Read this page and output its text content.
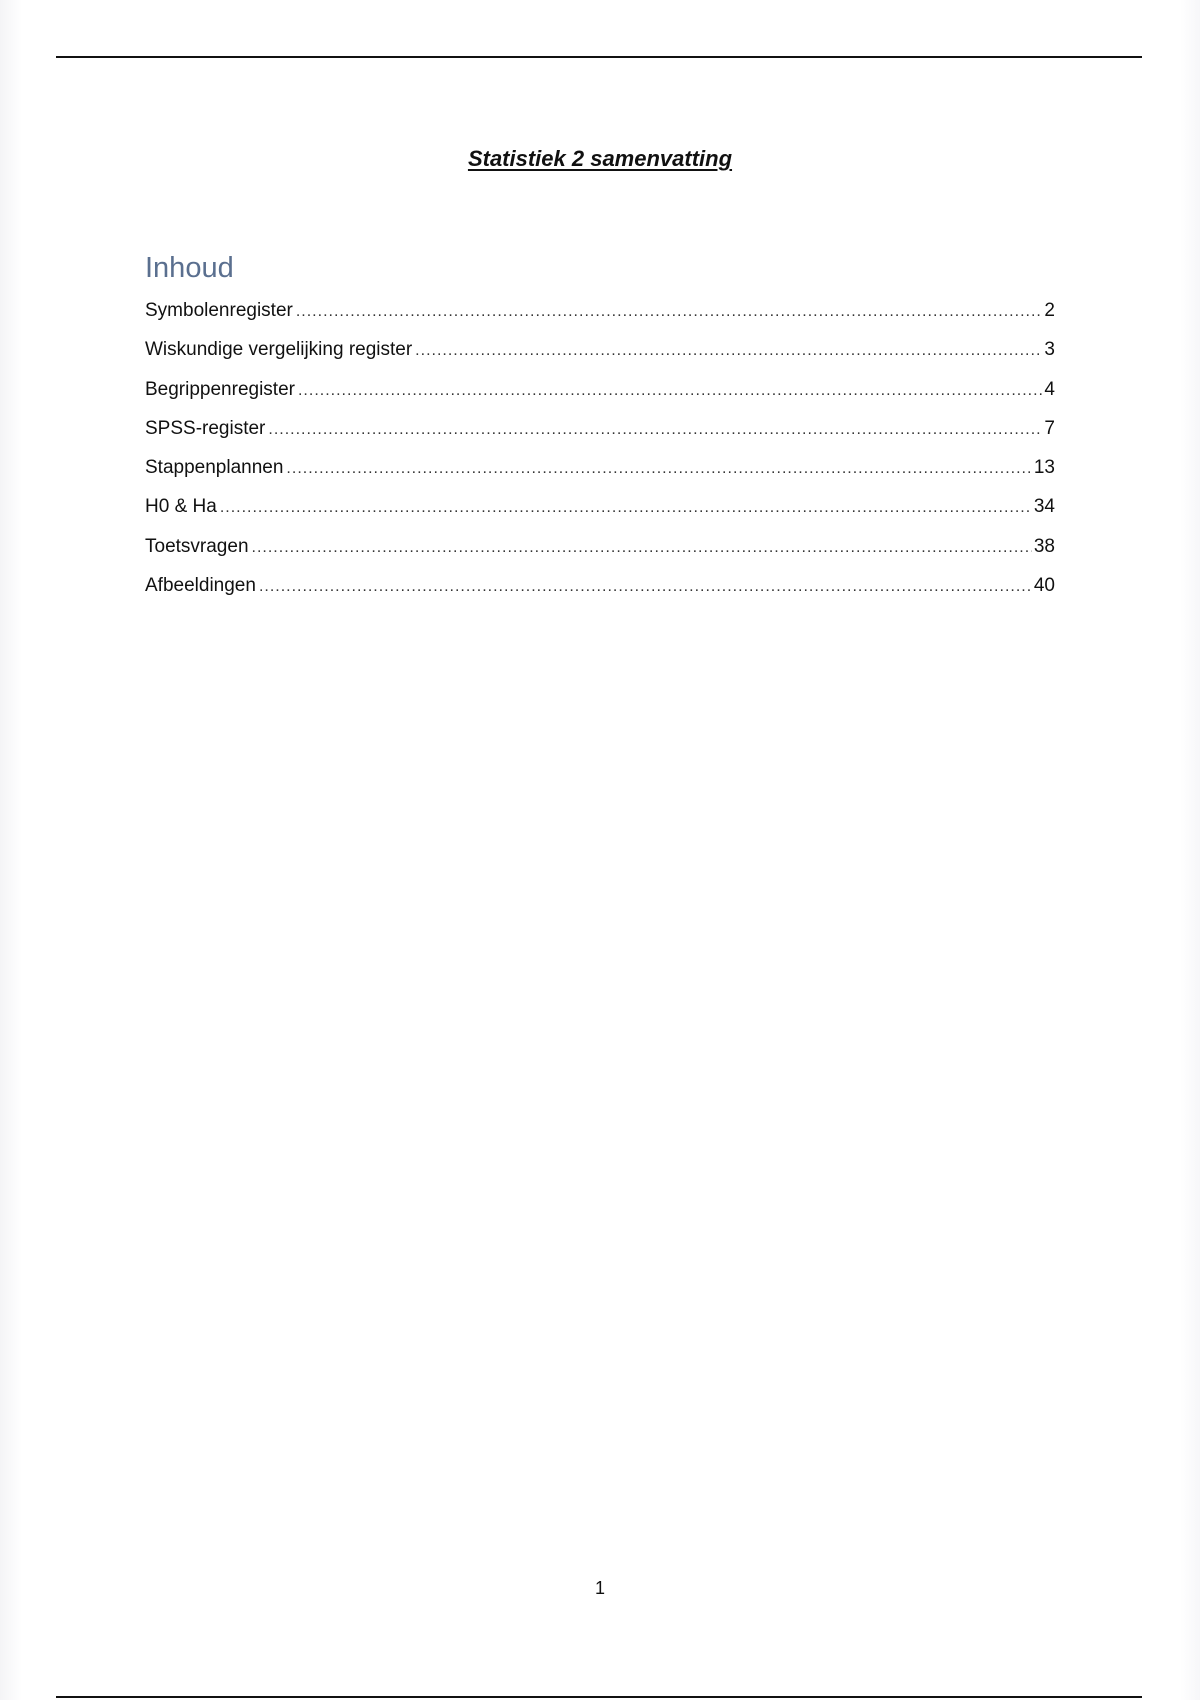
Statistiek 2 samenvatting
Inhoud
Symbolenregister .....	2
Wiskundige vergelijking register .....	3
Begrippenregister .....	4
SPSS-register .....	7
Stappenplannen .....	13
H0 & Ha .....	34
Toetsvragen .....	38
Afbeeldingen .....	40
1
